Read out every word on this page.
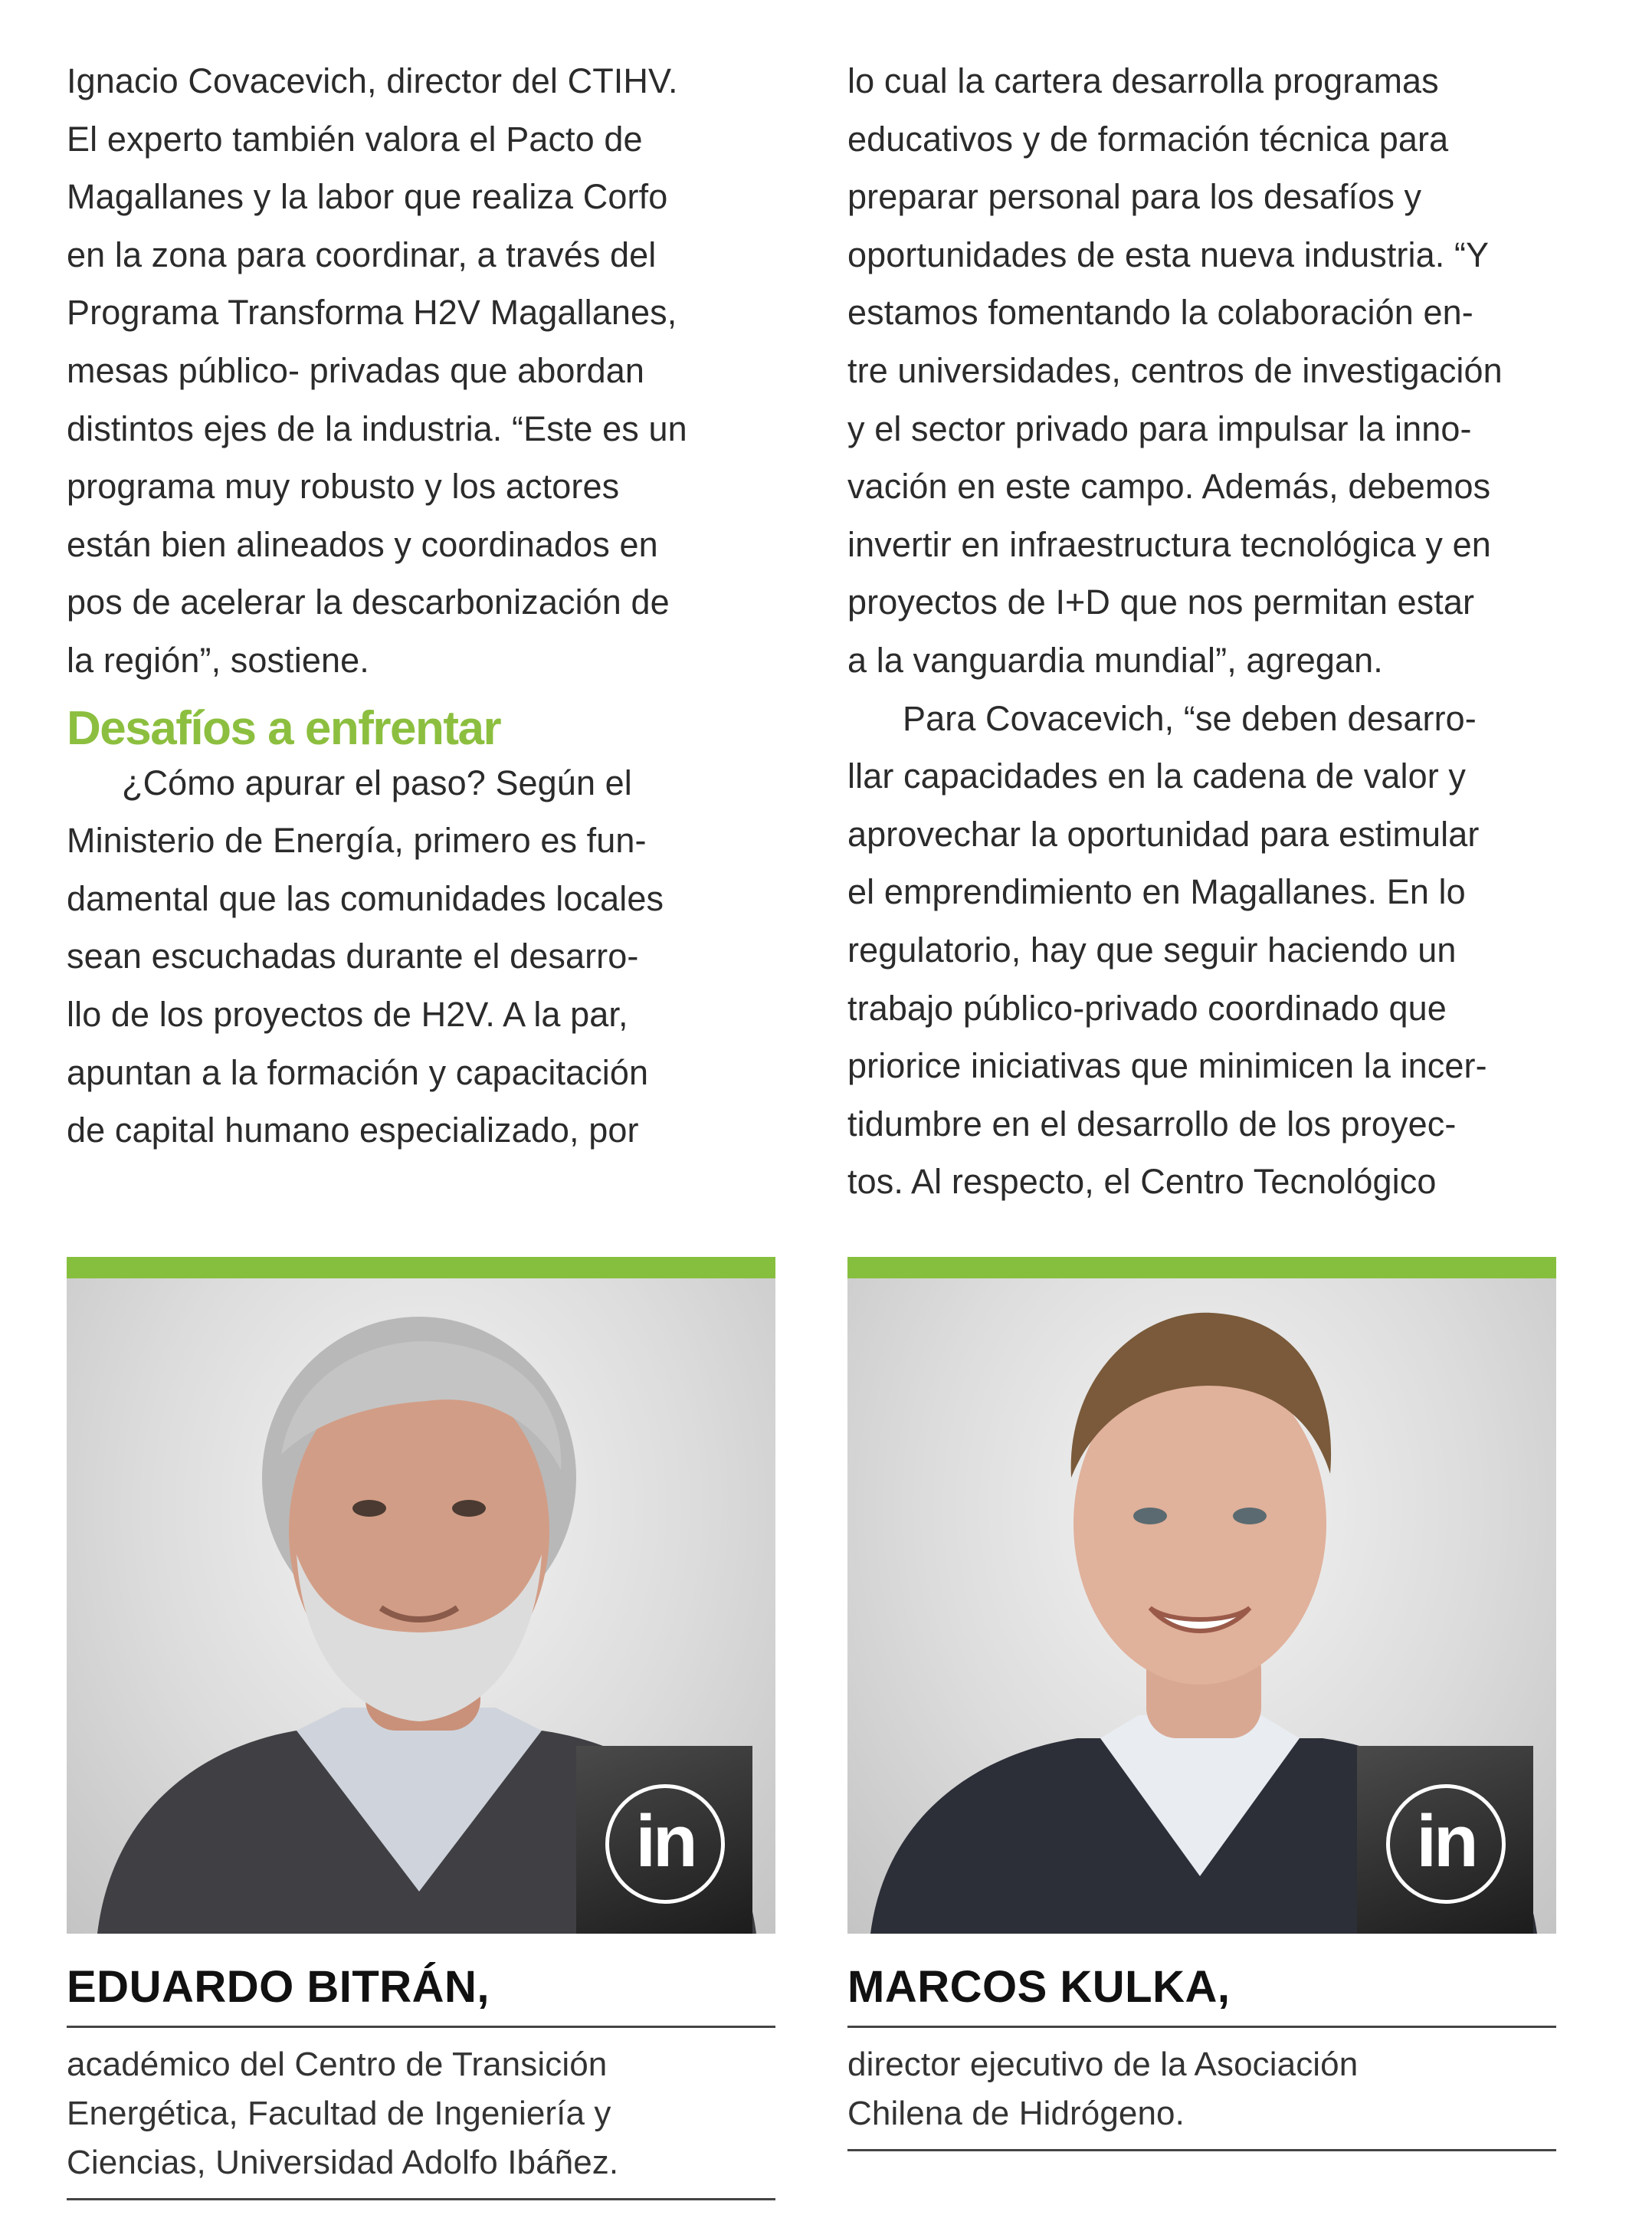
Ignacio Covacevich, director del CTIHV.
El experto también valora el Pacto de
Magallanes y la labor que realiza Corfo
en la zona para coordinar, a través del
Programa Transforma H2V Magallanes,
mesas público- privadas que abordan
distintos ejes de la industria. “Este es un
programa muy robusto y los actores
están bien alineados y coordinados en
pos de acelerar la descarbonización de
la región”, sostiene.
Desafíos a enfrentar
¿Cómo apurar el paso? Según el
Ministerio de Energía, primero es fun-
damental que las comunidades locales
sean escuchadas durante el desarro-
llo de los proyectos de H2V. A la par,
apuntan a la formación y capacitación
de capital humano especializado, por
lo cual la cartera desarrolla programas
educativos y de formación técnica para
preparar personal para los desafíos y
oportunidades de esta nueva industria. “Y
estamos fomentando la colaboración en-
tre universidades, centros de investigación
y el sector privado para impulsar la inno-
vación en este campo. Además, debemos
invertir en infraestructura tecnológica y en
proyectos de I+D que nos permitan estar
a la vanguardia mundial”, agregan.
Para Covacevich, “se deben desarro-
llar capacidades en la cadena de valor y
aprovechar la oportunidad para estimular
el emprendimiento en Magallanes. En lo
regulatorio, hay que seguir haciendo un
trabajo público-privado coordinado que
priorice iniciativas que minimicen la incer-
tidumbre en el desarrollo de los proyec-
tos. Al respecto, el Centro Tecnológico
in
EDUARDO BITRÁN,
académico del Centro de Transición
Energética, Facultad de Ingeniería y
Ciencias, Universidad Adolfo Ibáñez.
in
MARCOS KULKA,
director ejecutivo de la Asociación
Chilena de Hidrógeno.
